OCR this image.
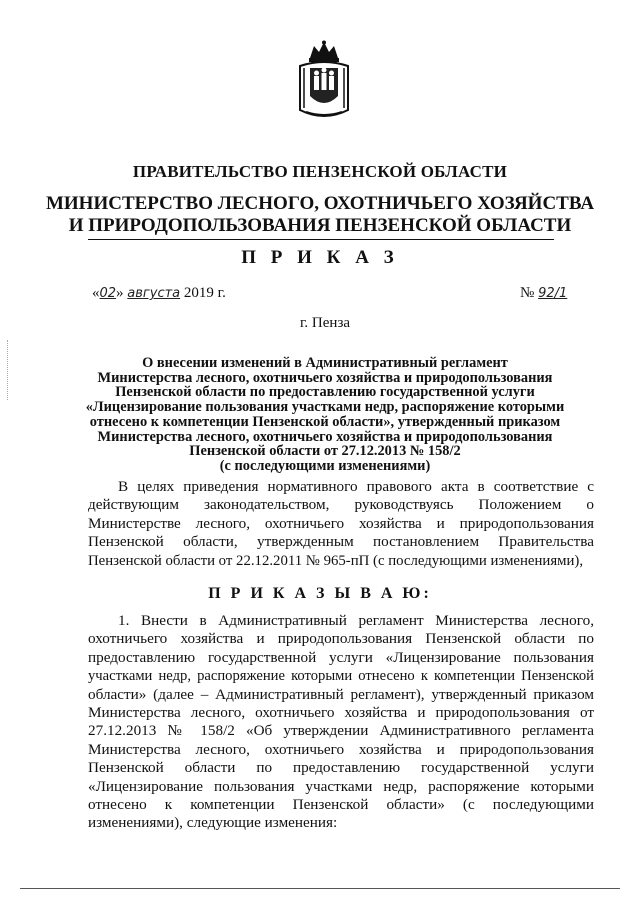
ПРАВИТЕЛЬСТВО ПЕНЗЕНСКОЙ ОБЛАСТИ
МИНИСТЕРСТВО ЛЕСНОГО, ОХОТНИЧЬЕГО ХОЗЯЙСТВА
И ПРИРОДОПОЛЬЗОВАНИЯ ПЕНЗЕНСКОЙ ОБЛАСТИ
П Р И К А З
«02» августа 2019 г.	№ 92/1
г. Пенза
О внесении изменений в Административный регламент
Министерства лесного, охотничьего хозяйства и природопользования
Пензенской области по предоставлению государственной услуги
«Лицензирование пользования участками недр, распоряжение которыми
отнесено к компетенции Пензенской области», утвержденный приказом
Министерства лесного, охотничьего хозяйства и природопользования
Пензенской области от 27.12.2013 № 158/2
(с последующими изменениями)
В целях приведения нормативного правового акта в соответствие с
действующим законодательством, руководствуясь Положением о
Министерстве лесного, охотничьего хозяйства и природопользования
Пензенской области, утвержденным постановлением Правительства
Пензенской области от 22.12.2011 № 965-пП (с последующими изменениями),
П Р И К А З Ы В А Ю:
1. Внести в Административный регламент Министерства лесного,
охотничьего хозяйства и природопользования Пензенской области по
предоставлению государственной услуги «Лицензирование пользования
участками недр, распоряжение которыми отнесено к компетенции Пензенской
области» (далее – Административный регламент), утвержденный приказом
Министерства лесного, охотничьего хозяйства и природопользования от
27.12.2013 № 158/2 «Об утверждении Административного регламента
Министерства лесного, охотничьего хозяйства и природопользования
Пензенской области по предоставлению государственной услуги
«Лицензирование пользования участками недр, распоряжение которыми
отнесено к компетенции Пензенской области» (с последующими
изменениями), следующие изменения:
